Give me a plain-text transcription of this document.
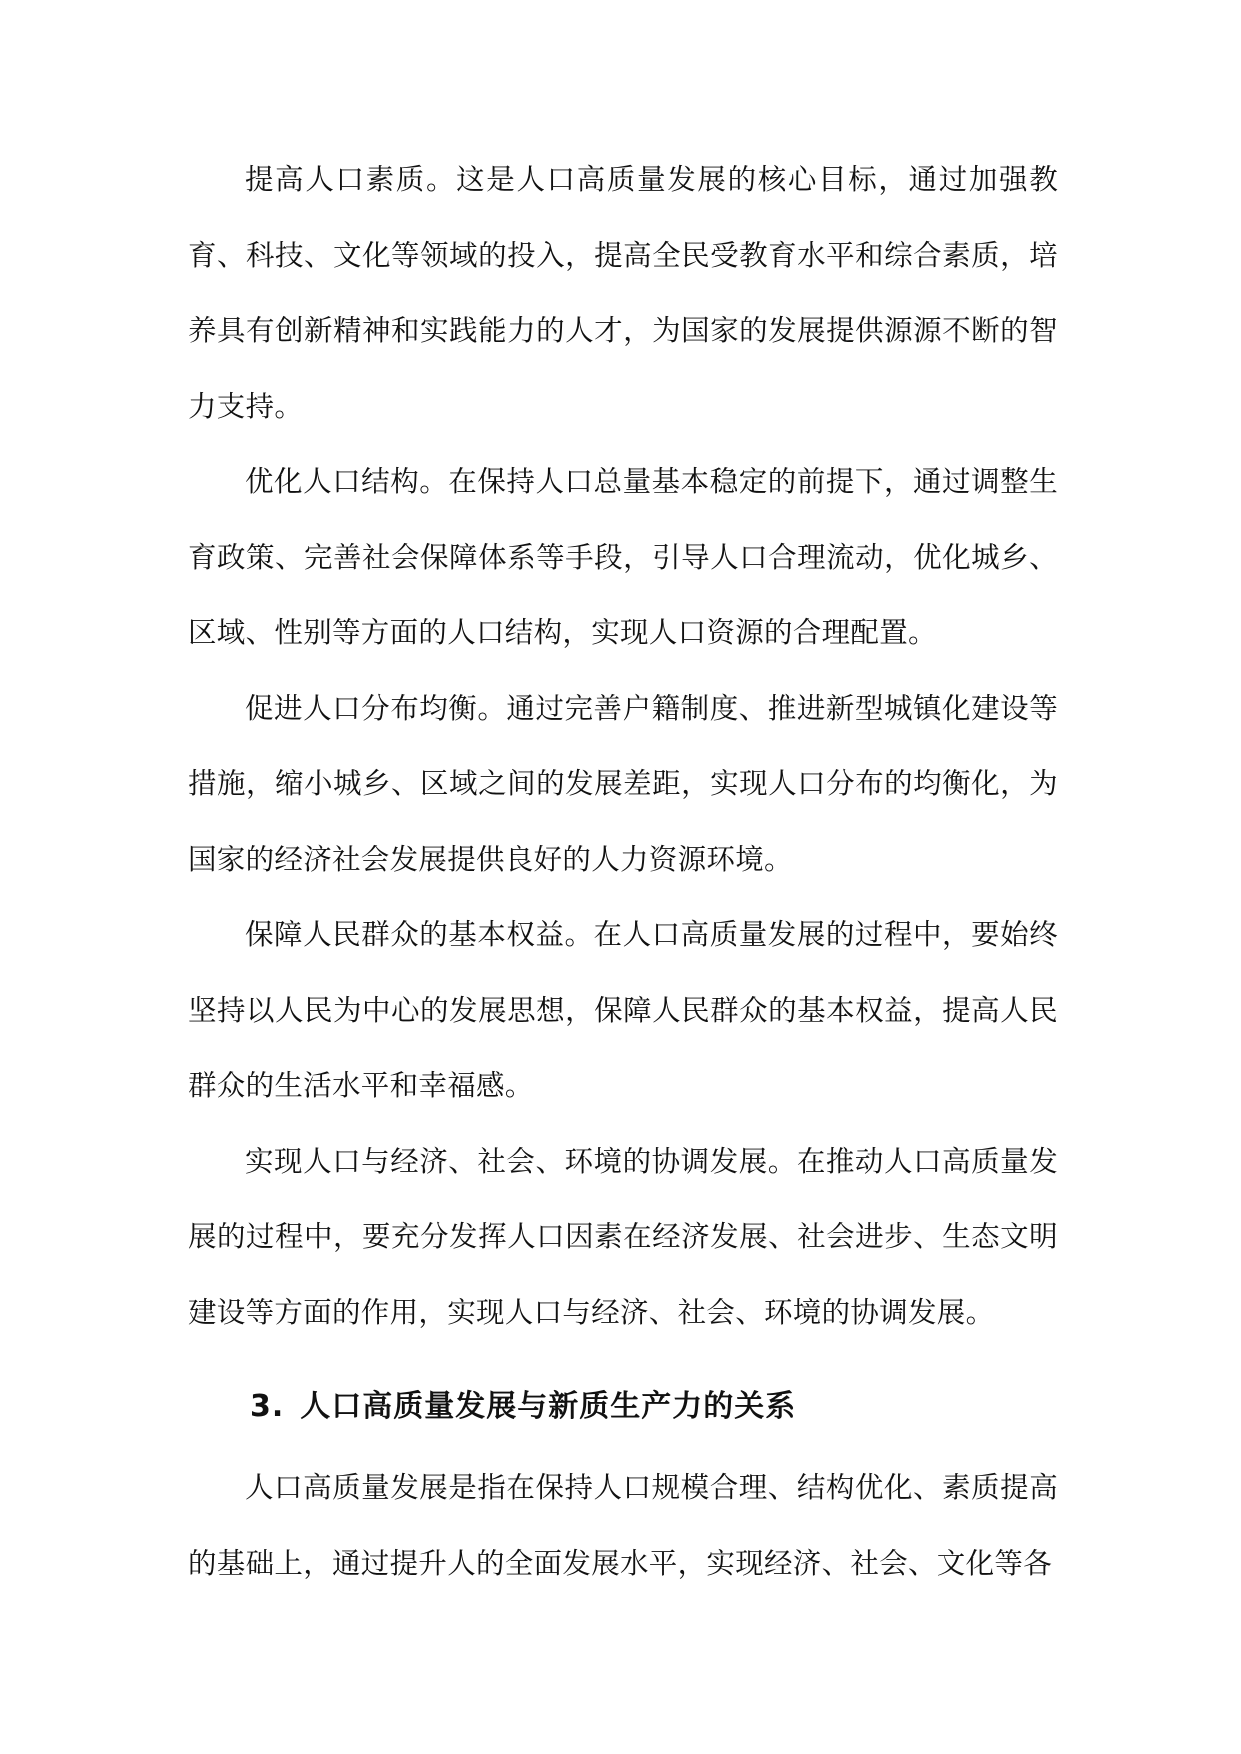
提高人口素质。这是人口高质量发展的核心目标，通过加强教育、科技、文化等领域的投入，提高全民受教育水平和综合素质，培养具有创新精神和实践能力的人才，为国家的发展提供源源不断的智力支持。

优化人口结构。在保持人口总量基本稳定的前提下，通过调整生育政策、完善社会保障体系等手段，引导人口合理流动，优化城乡、区域、性别等方面的人口结构，实现人口资源的合理配置。

促进人口分布均衡。通过完善户籍制度、推进新型城镇化建设等措施，缩小城乡、区域之间的发展差距，实现人口分布的均衡化，为国家的经济社会发展提供良好的人力资源环境。

保障人民群众的基本权益。在人口高质量发展的过程中，要始终坚持以人民为中心的发展思想，保障人民群众的基本权益，提高人民群众的生活水平和幸福感。

实现人口与经济、社会、环境的协调发展。在推动人口高质量发展的过程中，要充分发挥人口因素在经济发展、社会进步、生态文明建设等方面的作用，实现人口与经济、社会、环境的协调发展。

3. 人口高质量发展与新质生产力的关系

人口高质量发展是指在保持人口规模合理、结构优化、素质提高的基础上，通过提升人的全面发展水平，实现经济、社会、文化等各
